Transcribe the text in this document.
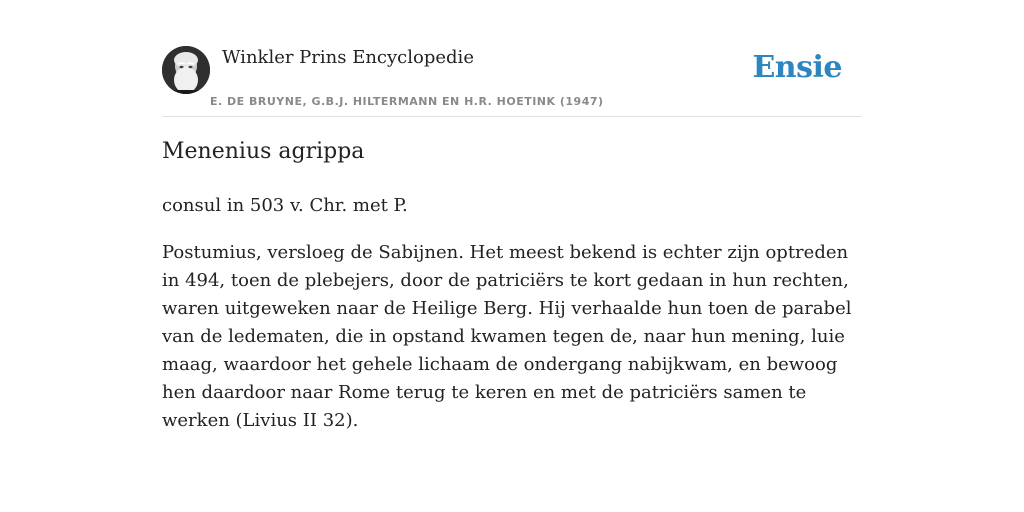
Winkler Prins Encyclopedie
E. DE BRUYNE, G.B.J. HILTERMANN EN H.R. HOETINK (1947)
Ensie
Menenius agrippa

consul in 503 v. Chr. met P.

Postumius, versloeg de Sabijnen. Het meest bekend is echter zijn optreden in 494, toen de plebejers, door de patriciërs te kort gedaan in hun rechten, waren uitgeweken naar de Heilige Berg. Hij verhaalde hun toen de parabel van de ledematen, die in opstand kwamen tegen de, naar hun mening, luie maag, waardoor het gehele lichaam de ondergang nabijkwam, en bewoog hen daardoor naar Rome terug te keren en met de patriciërs samen te werken (Livius II 32).
